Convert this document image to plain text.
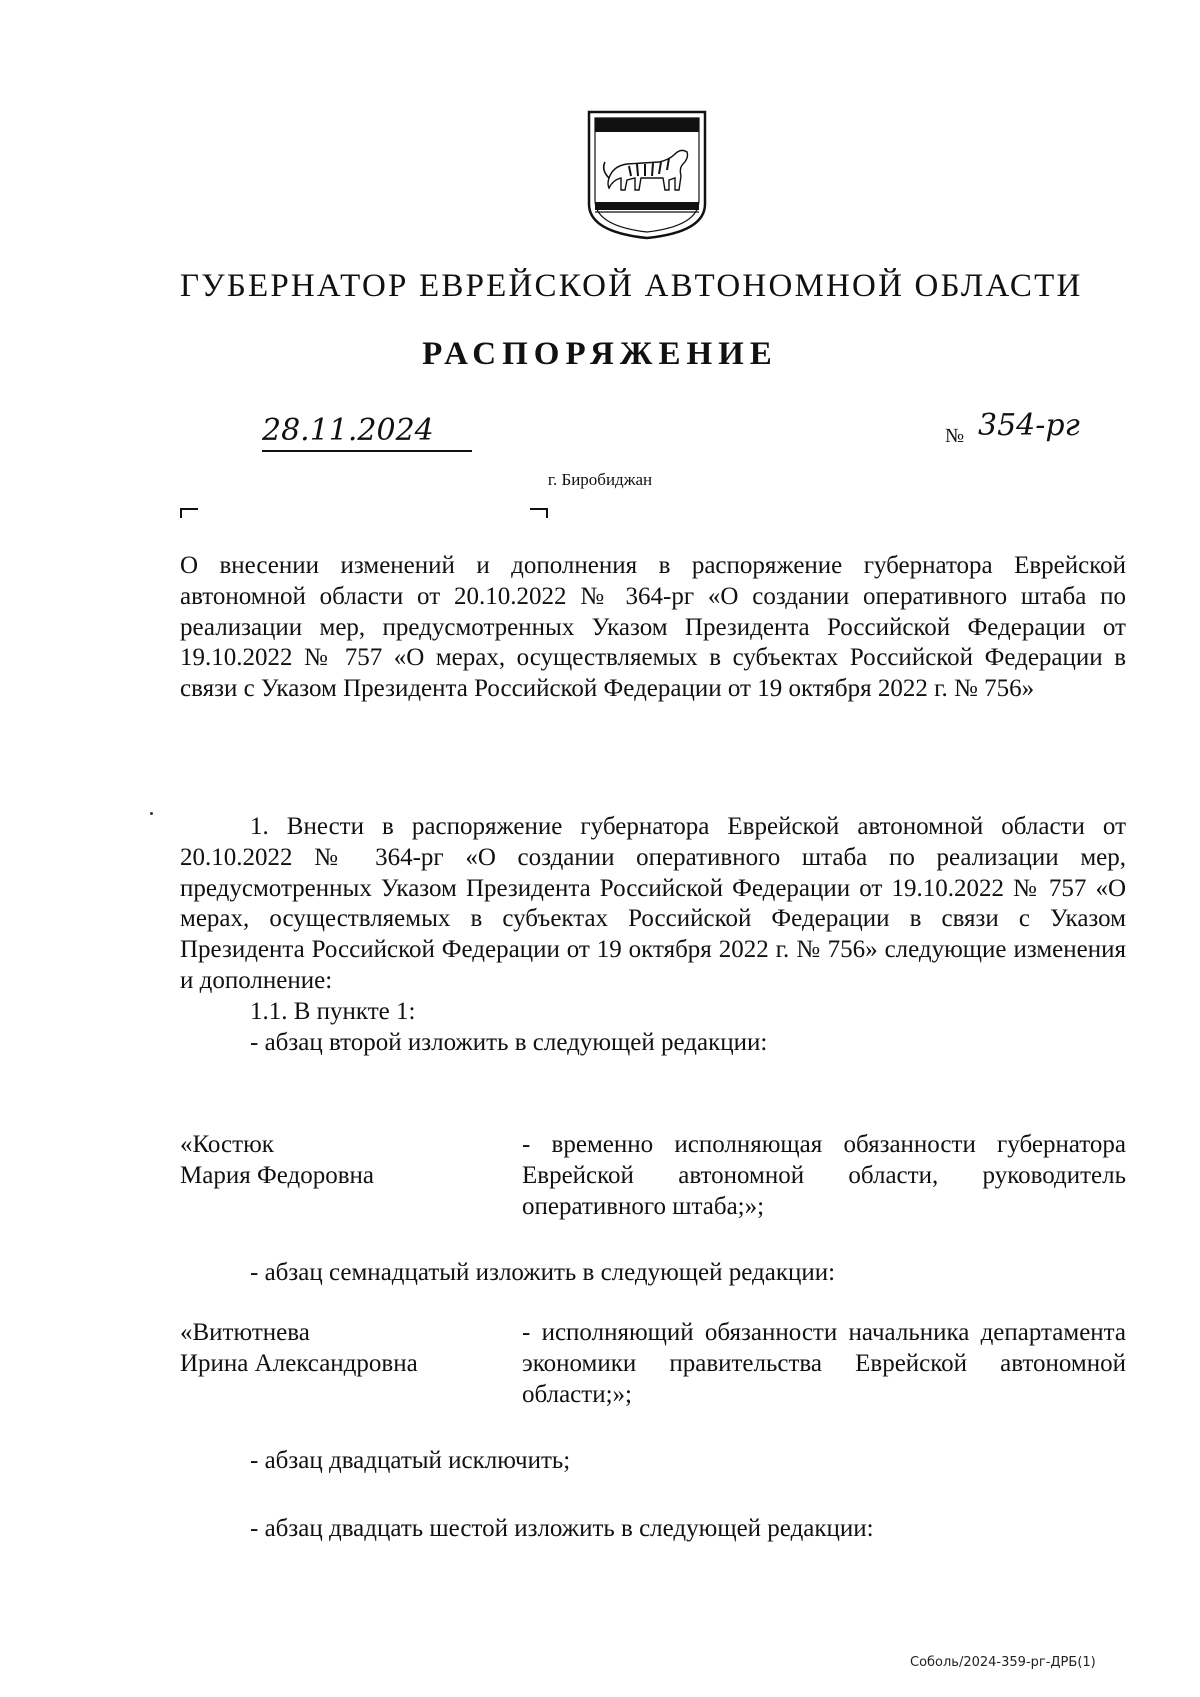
ГУБЕРНАТОР ЕВРЕЙСКОЙ АВТОНОМНОЙ ОБЛАСТИ
РАСПОРЯЖЕНИЕ
28.11.2024	№ 354-рг
г. Биробиджан
О внесении изменений и дополнения в распоряжение губернатора Еврейской автономной области от 20.10.2022 № 364-рг «О создании оперативного штаба по реализации мер, предусмотренных Указом Президента Российской Федерации от 19.10.2022 № 757 «О мерах, осуществляемых в субъектах Российской Федерации в связи с Указом Президента Российской Федерации от 19 октября 2022 г. № 756»

1. Внести в распоряжение губернатора Еврейской автономной области от 20.10.2022 № 364-рг «О создании оперативного штаба по реализации мер, предусмотренных Указом Президента Российской Федерации от 19.10.2022 № 757 «О мерах, осуществляемых в субъектах Российской Федерации в связи с Указом Президента Российской Федерации от 19 октября 2022 г. № 756» следующие изменения и дополнение:

1.1. В пункте 1:

- абзац второй изложить в следующей редакции:

«Костюк
Мария Федоровна
- временно исполняющая обязанности губернатора Еврейской автономной области, руководитель оперативного штаба;»;
- абзац семнадцатый изложить в следующей редакции:
«Витютнева
Ирина Александровна
- исполняющий обязанности начальника департамента экономики правительства Еврейской автономной области;»;
- абзац двадцатый исключить;
- абзац двадцать шестой изложить в следующей редакции:
Соболь/2024-359-рг-ДРБ(1)
